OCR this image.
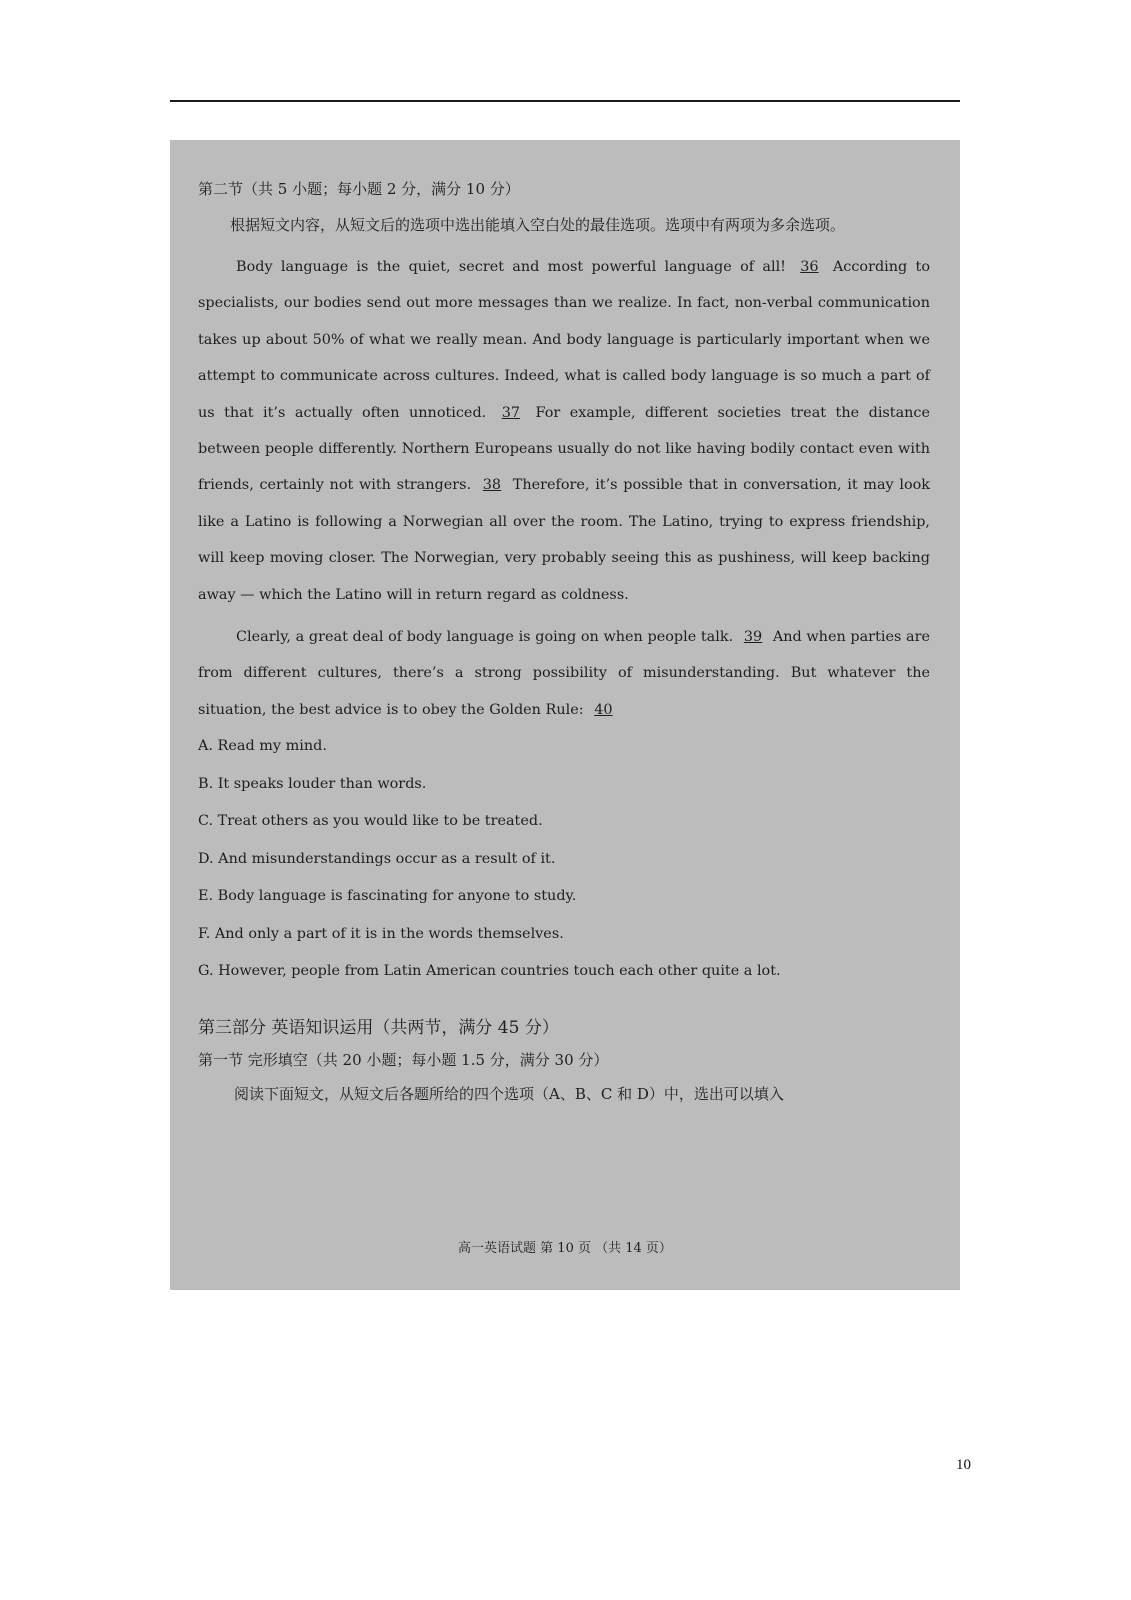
第二节（共 5 小题；每小题 2 分，满分 10 分）

根据短文内容，从短文后的选项中选出能填入空白处的最佳选项。选项中有两项为多余选项。

Body language is the quiet, secret and most powerful language of all! 36 According to specialists, our bodies send out more messages than we realize. In fact, non-verbal communication takes up about 50% of what we really mean. And body language is particularly important when we attempt to communicate across cultures. Indeed, what is called body language is so much a part of us that it’s actually often unnoticed. 37 For example, different societies treat the distance between people differently. Northern Europeans usually do not like having bodily contact even with friends, certainly not with strangers. 38 Therefore, it’s possible that in conversation, it may look like a Latino is following a Norwegian all over the room. The Latino, trying to express friendship, will keep moving closer. The Norwegian, very probably seeing this as pushiness, will keep backing away — which the Latino will in return regard as coldness.

Clearly, a great deal of body language is going on when people talk. 39 And when parties are from different cultures, there’s a strong possibility of misunderstanding. But whatever the situation, the best advice is to obey the Golden Rule: 40

A. Read my mind.
B. It speaks louder than words.
C. Treat others as you would like to be treated.
D. And misunderstandings occur as a result of it.
E. Body language is fascinating for anyone to study.
F. And only a part of it is in the words themselves.
G. However, people from Latin American countries touch each other quite a lot.
第三部分 英语知识运用（共两节，满分 45 分）
第一节 完形填空（共 20 小题；每小题 1.5 分，满分 30 分）
阅读下面短文，从短文后各题所给的四个选项（A、B、C 和 D）中，选出可以填入
高一英语试题 第 10 页 （共 14 页）
10
